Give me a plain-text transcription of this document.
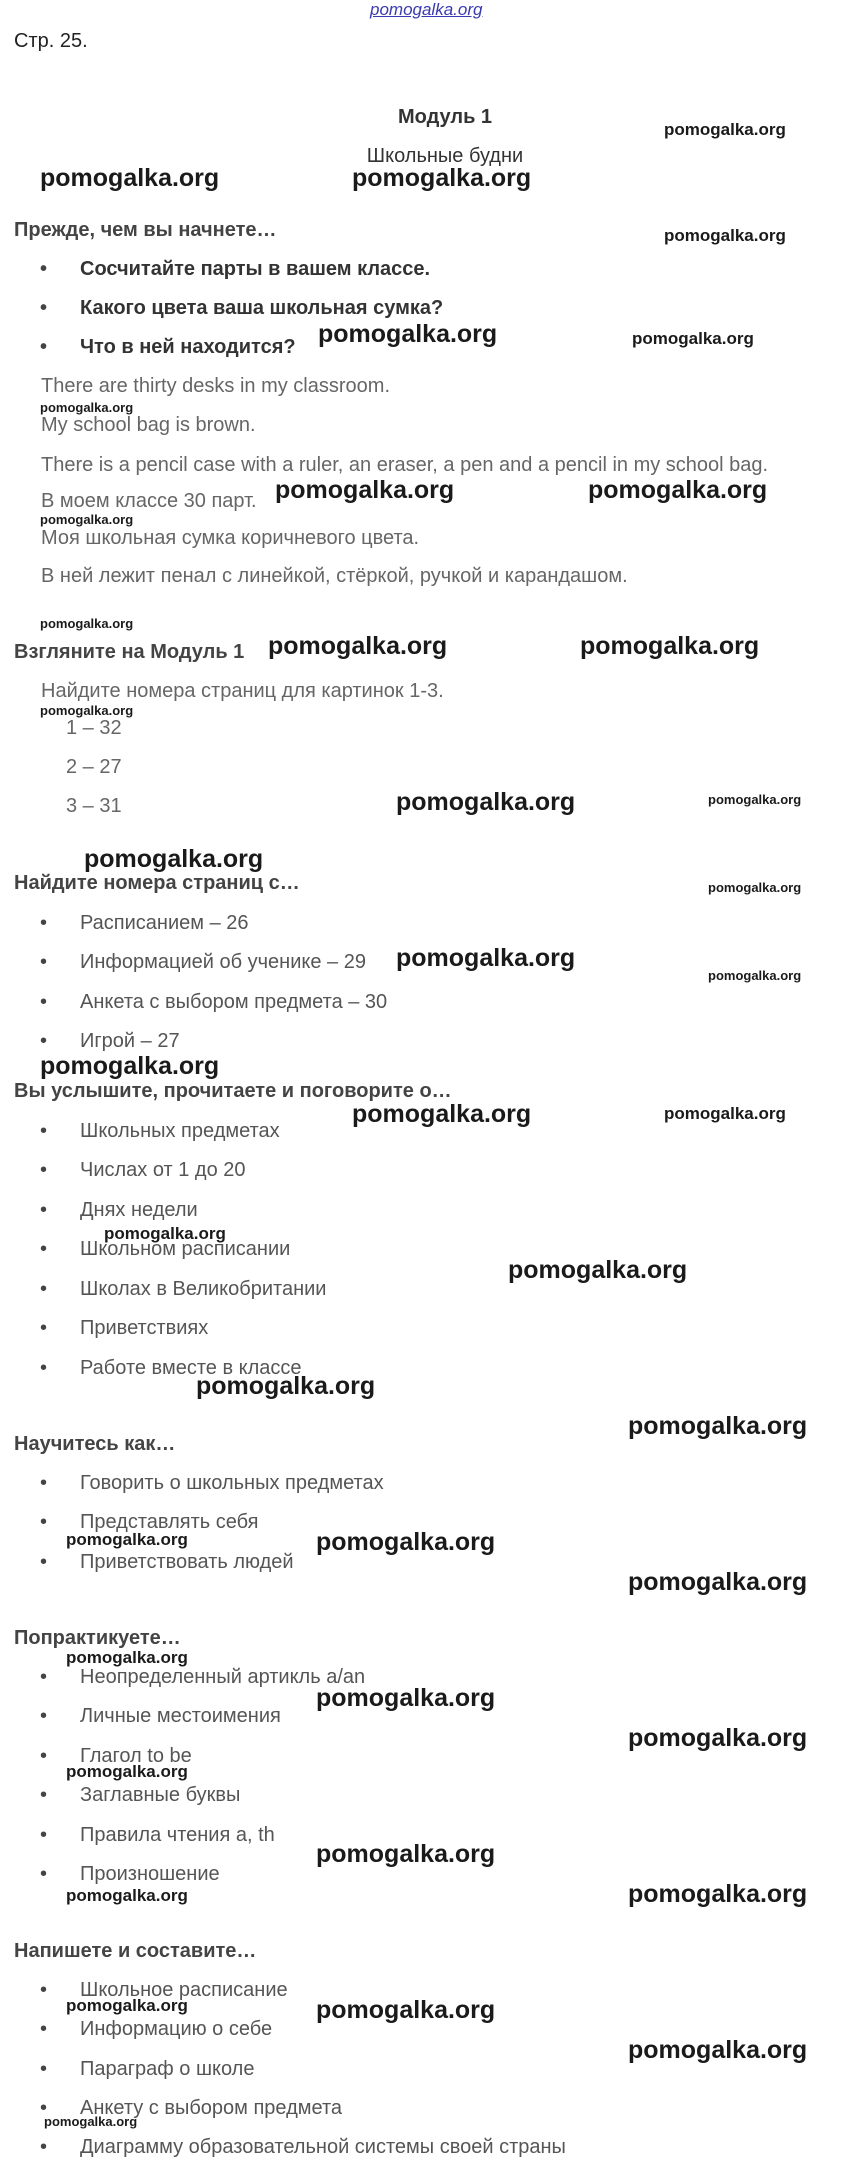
pomogalka.org
Стр. 25.
Модуль 1
Школьные будни
Прежде, чем вы начнете…
• Сосчитайте парты в вашем классе.
• Какого цвета ваша школьная сумка?
• Что в ней находится?
There are thirty desks in my classroom.
My school bag is brown.
There is a pencil case with a ruler, an eraser, a pen and a pencil in my school bag.
В моем классе 30 парт.
Моя школьная сумка коричневого цвета.
В ней лежит пенал с линейкой, стёркой, ручкой и карандашом.
Взгляните на Модуль 1
Найдите номера страниц для картинок 1-3.
1 – 32
2 – 27
3 – 31
Найдите номера страниц с…
• Расписанием – 26
• Информацией об ученике – 29
• Анкета с выбором предмета – 30
• Игрой – 27
Вы услышите, прочитаете и поговорите о…
• Школьных предметах
• Числах от 1 до 20
• Днях недели
• Школьном расписании
• Школах в Великобритании
• Приветствиях
• Работе вместе в классе
Научитесь как…
• Говорить о школьных предметах
• Представлять себя
• Приветствовать людей
Попрактикуете…
• Неопределенный артикль a/an
• Личные местоимения
• Глагол to be
• Заглавные буквы
• Правила чтения a, th
• Произношение
Напишете и составите…
• Школьное расписание
• Информацию о себе
• Параграф о школе
• Анкету с выбором предмета
• Диаграмму образовательной системы своей страны
pomogalka.org	pomogalka.org
pomogalka.org
pomogalka.org
pomogalka.org	pomogalka.org
pomogalka.org
pomogalka.org	pomogalka.org
pomogalka.org
pomogalka.org
pomogalka.org	pomogalka.org
pomogalka.org
pomogalka.org	pomogalka.org
pomogalka.org
pomogalka.org
pomogalka.org
pomogalka.org
pomogalka.org
pomogalka.org	pomogalka.org
pomogalka.org
pomogalka.org
pomogalka.org
pomogalka.org
pomogalka.org	pomogalka.org
pomogalka.org
pomogalka.org
pomogalka.org
pomogalka.org
pomogalka.org
pomogalka.org
pomogalka.org
pomogalka.org
pomogalka.org	pomogalka.org
pomogalka.org
pomogalka.org
